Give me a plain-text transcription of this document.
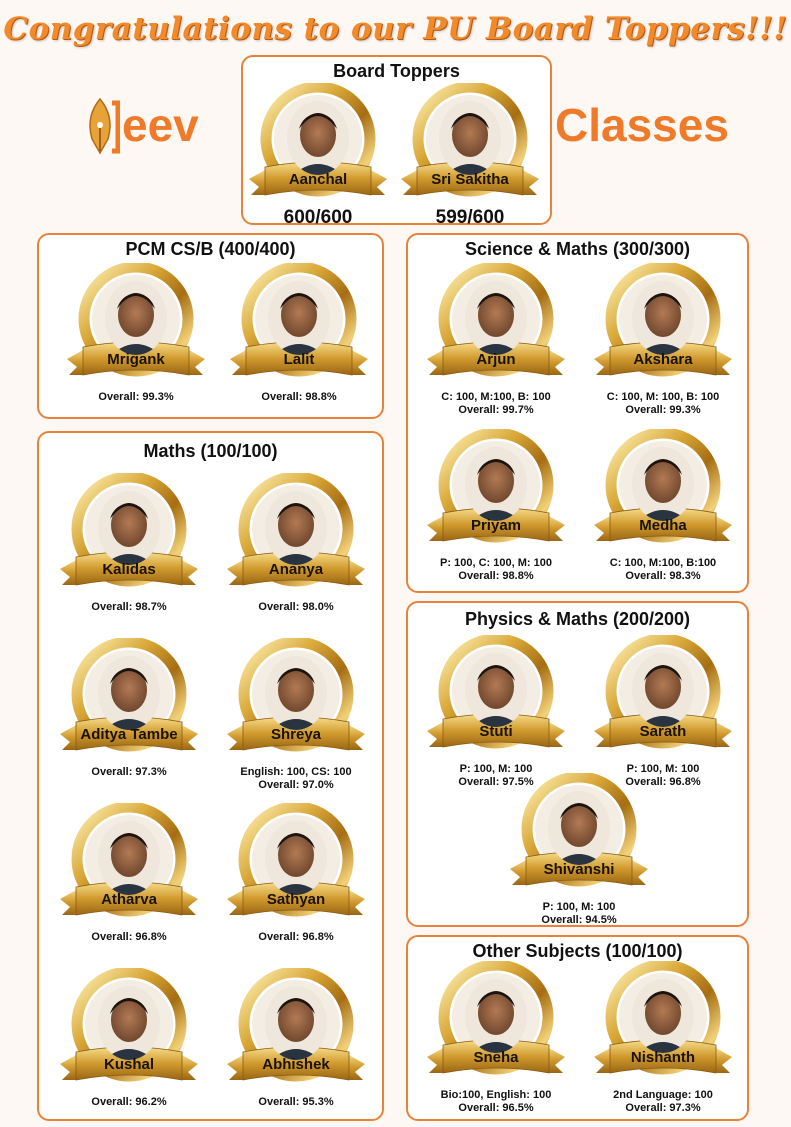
Congratulations to our PU Board Toppers!!!
eev	Classes
Board Toppers
Aanchal
600/600
Sri Sakitha
599/600
PCM CS/B (400/400)
Mrigank
Overall: 99.3%
Lalit
Overall: 98.8%
Maths (100/100)
Kalidas
Overall: 98.7%
Ananya
Overall: 98.0%
Aditya Tambe
Overall: 97.3%
Shreya
English: 100, CS: 100
Overall: 97.0%
Atharva
Overall: 96.8%
Sathyan
Overall: 96.8%
Kushal
Overall: 96.2%
Abhishek
Overall: 95.3%
Science & Maths (300/300)
Arjun
C: 100, M:100, B: 100
Overall: 99.7%
Akshara
C: 100, M: 100, B: 100
Overall: 99.3%
Priyam
P: 100, C: 100, M: 100
Overall: 98.8%
Medha
C: 100, M:100, B:100
Overall: 98.3%
Physics & Maths (200/200)
Stuti
P: 100, M: 100
Overall: 97.5%
Sarath
P: 100, M: 100
Overall: 96.8%
Shivanshi
P: 100, M: 100
Overall: 94.5%
Other Subjects (100/100)
Sneha
Bio:100, English: 100
Overall: 96.5%
Nishanth
2nd Language: 100
Overall: 97.3%
